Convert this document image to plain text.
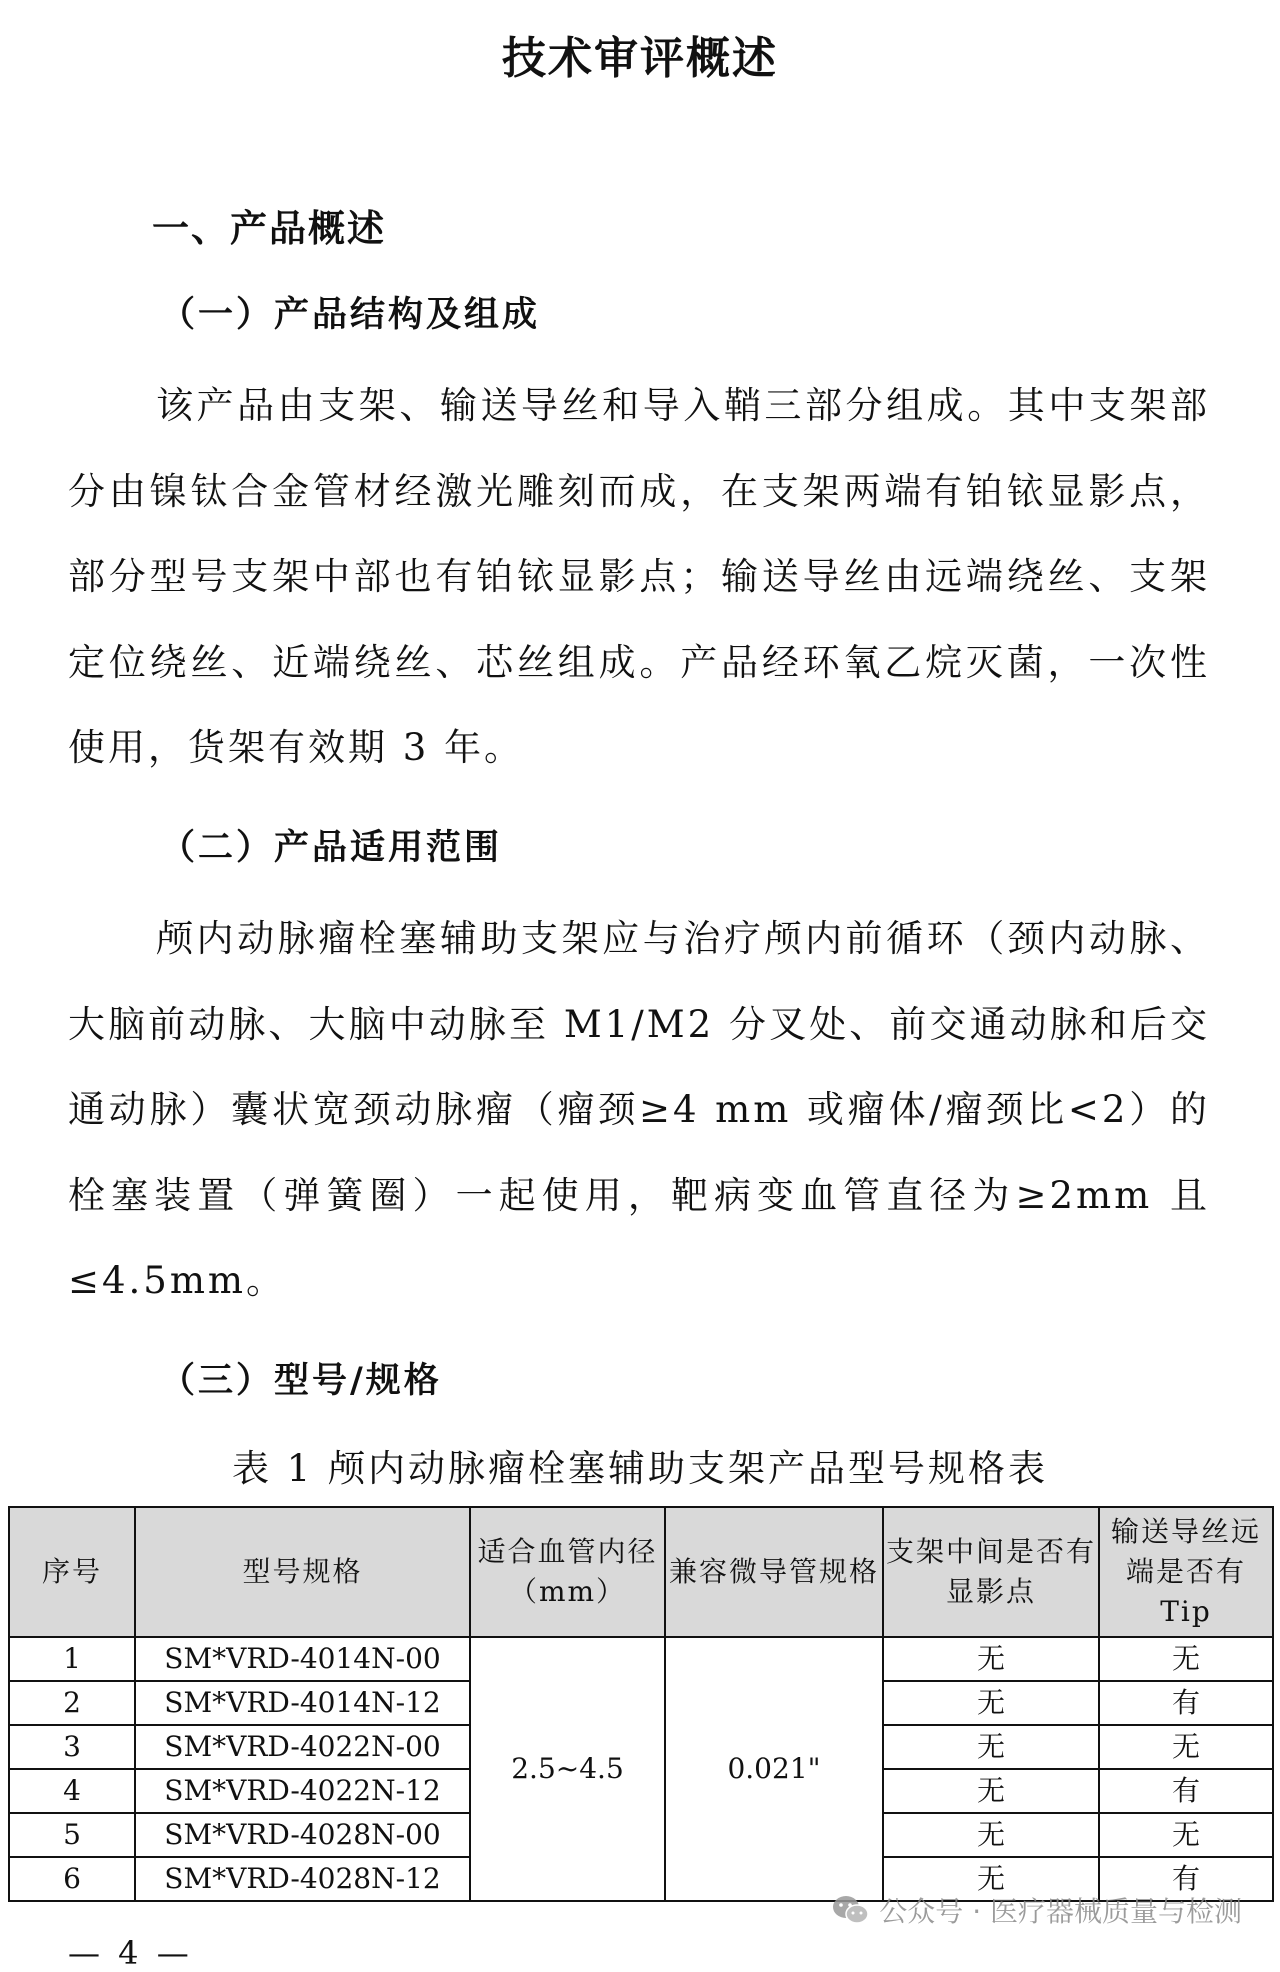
技术审评概述
一、产品概述
（一）产品结构及组成

该产品由支架、输送导丝和导入鞘三部分组成。其中支架部分由镍钛合金管材经激光雕刻而成，在支架两端有铂铱显影点，部分型号支架中部也有铂铱显影点；输送导丝由远端绕丝、支架定位绕丝、近端绕丝、芯丝组成。产品经环氧乙烷灭菌，一次性使用，货架有效期 3 年。

（二）产品适用范围

颅内动脉瘤栓塞辅助支架应与治疗颅内前循环（颈内动脉、大脑前动脉、大脑中动脉至 M1/M2 分叉处、前交通动脉和后交通动脉）囊状宽颈动脉瘤（瘤颈≥4 mm 或瘤体/瘤颈比<2）的栓塞装置（弹簧圈）一起使用，靶病变血管直径为≥2mm 且≤4.5mm。

（三）型号/规格
表 1 颅内动脉瘤栓塞辅助支架产品型号规格表
序号	型号规格	适合血管内径（mm）	兼容微导管规格	支架中间是否有显影点	输送导丝远端是否有 Tip
1	SM*VRD-4014N-00	2.5~4.5	0.021"	无	无
2	SM*VRD-4014N-12			无	有
3	SM*VRD-4022N-00			无	无
4	SM*VRD-4022N-12			无	有
5	SM*VRD-4028N-00			无	无
6	SM*VRD-4028N-12			无	有
公众号 · 医疗器械质量与检测
— 4 —
